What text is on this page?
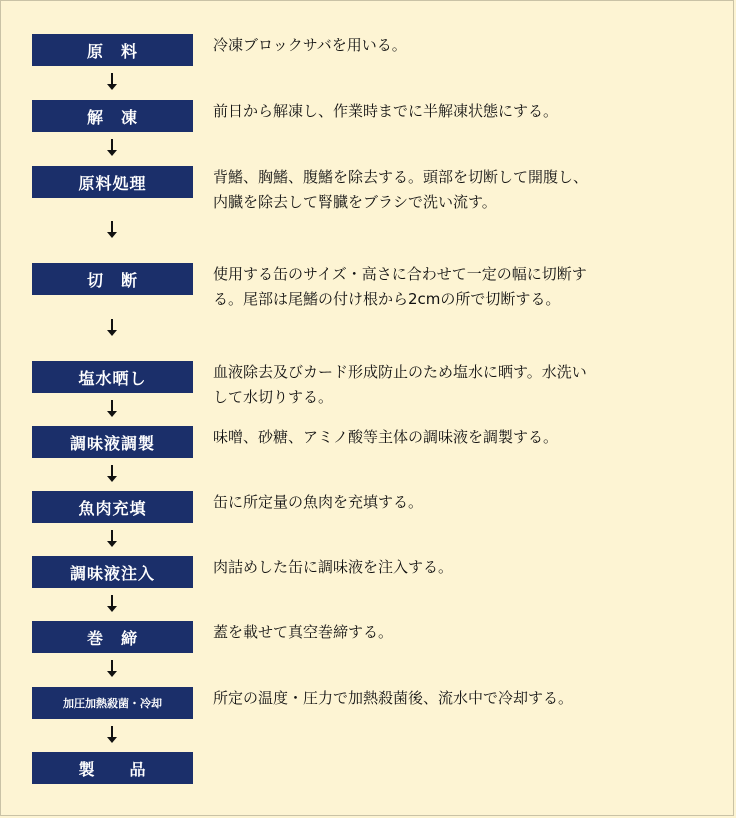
原　料	冷凍ブロックサバを用いる。
解　凍	前日から解凍し、作業時までに半解凍状態にする。
原料処理	背鰭、胸鰭、腹鰭を除去する。頭部を切断して開腹し、
内臓を除去して腎臓をブラシで洗い流す。
切　断	使用する缶のサイズ・高さに合わせて一定の幅に切断す
る。尾部は尾鰭の付け根から2cmの所で切断する。
塩水晒し	血液除去及びカード形成防止のため塩水に晒す。水洗い
して水切りする。
調味液調製	味噌、砂糖、アミノ酸等主体の調味液を調製する。
魚肉充填	缶に所定量の魚肉を充填する。
調味液注入	肉詰めした缶に調味液を注入する。
巻　締	蓋を載せて真空巻締する。
加圧加熱殺菌・冷却	所定の温度・圧力で加熱殺菌後、流水中で冷却する。
製　　品
